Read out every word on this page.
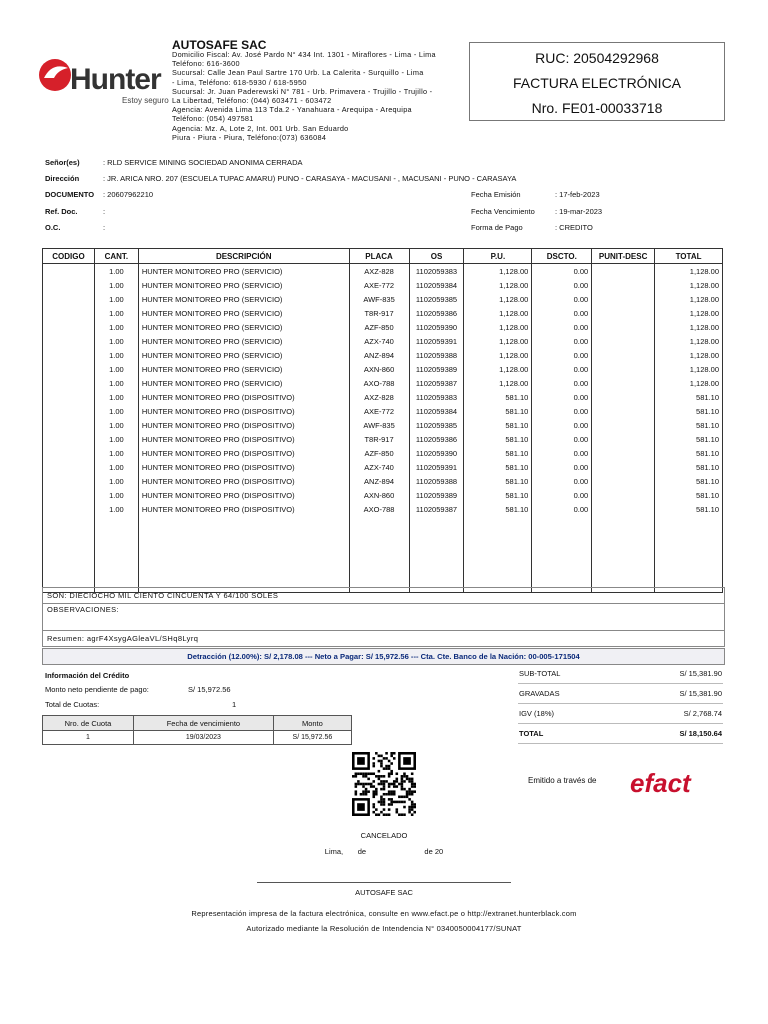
Hunter
Estoy seguro
AUTOSAFE SAC
Domicilio Fiscal: Av. José Pardo N° 434 Int. 1301 - Miraflores - Lima - Lima
Teléfono: 616-3600
Sucursal: Calle Jean Paul Sartre 170 Urb. La Calerita - Surquillo - Lima
- Lima, Teléfono: 618-5930 / 618-5950
Sucursal: Jr. Juan Paderewski N° 781 - Urb. Primavera - Trujillo - Trujillo -
La Libertad, Teléfono: (044) 603471 - 603472
Agencia: Avenida Lima 113 Tda.2 - Yanahuara - Arequipa - Arequipa
Teléfono: (054) 497581
Agencia: Mz. A, Lote 2, Int. 001 Urb. San Eduardo
Piura - Piura - Piura, Teléfono:(073) 636084
RUC: 20504292968
FACTURA ELECTRÓNICA
Nro. FE01-00033718
Señor(es)	: RLD SERVICE MINING SOCIEDAD ANONIMA CERRADA
Dirección	: JR. ARICA NRO. 207 (ESCUELA TUPAC AMARU) PUNO - CARASAYA - MACUSANI - , MACUSANI - PUNO - CARASAYA
DOCUMENTO : 20607962210
Ref. Doc.	:
O.C.	:
Fecha Emisión	: 17-feb-2023
Fecha Vencimiento	: 19-mar-2023
Forma de Pago	: CREDITO
CODIGO	CANT.	DESCRIPCIÓN	PLACA	OS	P.U.	DSCTO.	PUNIT-DESC	TOTAL
	1.00	HUNTER MONITOREO PRO (SERVICIO)	AXZ-828	1102059383	1,128.00	0.00		1,128.00
	1.00	HUNTER MONITOREO PRO (SERVICIO)	AXE-772	1102059384	1,128.00	0.00		1,128.00
	1.00	HUNTER MONITOREO PRO (SERVICIO)	AWF-835	1102059385	1,128.00	0.00		1,128.00
	1.00	HUNTER MONITOREO PRO (SERVICIO)	T8R-917	1102059386	1,128.00	0.00		1,128.00
	1.00	HUNTER MONITOREO PRO (SERVICIO)	AZF-850	1102059390	1,128.00	0.00		1,128.00
	1.00	HUNTER MONITOREO PRO (SERVICIO)	AZX-740	1102059391	1,128.00	0.00		1,128.00
	1.00	HUNTER MONITOREO PRO (SERVICIO)	ANZ-894	1102059388	1,128.00	0.00		1,128.00
	1.00	HUNTER MONITOREO PRO (SERVICIO)	AXN-860	1102059389	1,128.00	0.00		1,128.00
	1.00	HUNTER MONITOREO PRO (SERVICIO)	AXO-788	1102059387	1,128.00	0.00		1,128.00
	1.00	HUNTER MONITOREO PRO (DISPOSITIVO)	AXZ-828	1102059383	581.10	0.00		581.10
	1.00	HUNTER MONITOREO PRO (DISPOSITIVO)	AXE-772	1102059384	581.10	0.00		581.10
	1.00	HUNTER MONITOREO PRO (DISPOSITIVO)	AWF-835	1102059385	581.10	0.00		581.10
	1.00	HUNTER MONITOREO PRO (DISPOSITIVO)	T8R-917	1102059386	581.10	0.00		581.10
	1.00	HUNTER MONITOREO PRO (DISPOSITIVO)	AZF-850	1102059390	581.10	0.00		581.10
	1.00	HUNTER MONITOREO PRO (DISPOSITIVO)	AZX-740	1102059391	581.10	0.00		581.10
	1.00	HUNTER MONITOREO PRO (DISPOSITIVO)	ANZ-894	1102059388	581.10	0.00		581.10
	1.00	HUNTER MONITOREO PRO (DISPOSITIVO)	AXN-860	1102059389	581.10	0.00		581.10
	1.00	HUNTER MONITOREO PRO (DISPOSITIVO)	AXO-788	1102059387	581.10	0.00		581.10

SON: DIECIOCHO MIL CIENTO CINCUENTA Y 64/100 SOLES
OBSERVACIONES:
Resumen: agrF4XsygAGleaVL/SHq8Lyrq
Detracción (12.00%): S/ 2,178.08 --- Neto a Pagar: S/ 15,972.56 --- Cta. Cte. Banco de la Nación: 00-005-171504
Información del Crédito
Monto neto pendiente de pago:	S/ 15,972.56
Total de Cuotas:	1
Nro. de Cuota	Fecha de vencimiento	Monto
1	19/03/2023	S/ 15,972.56
SUB-TOTAL	S/ 15,381.90
GRAVADAS	S/ 15,381.90
IGV (18%)	S/ 2,768.74
TOTAL	S/ 18,150.64
Emitido a través de efact
CANCELADO
Lima,       de                            de 20
AUTOSAFE SAC
Representación impresa de la factura electrónica, consulte en www.efact.pe o http://extranet.hunterblack.com
Autorizado mediante la Resolución de Intendencia N° 0340050004177/SUNAT
